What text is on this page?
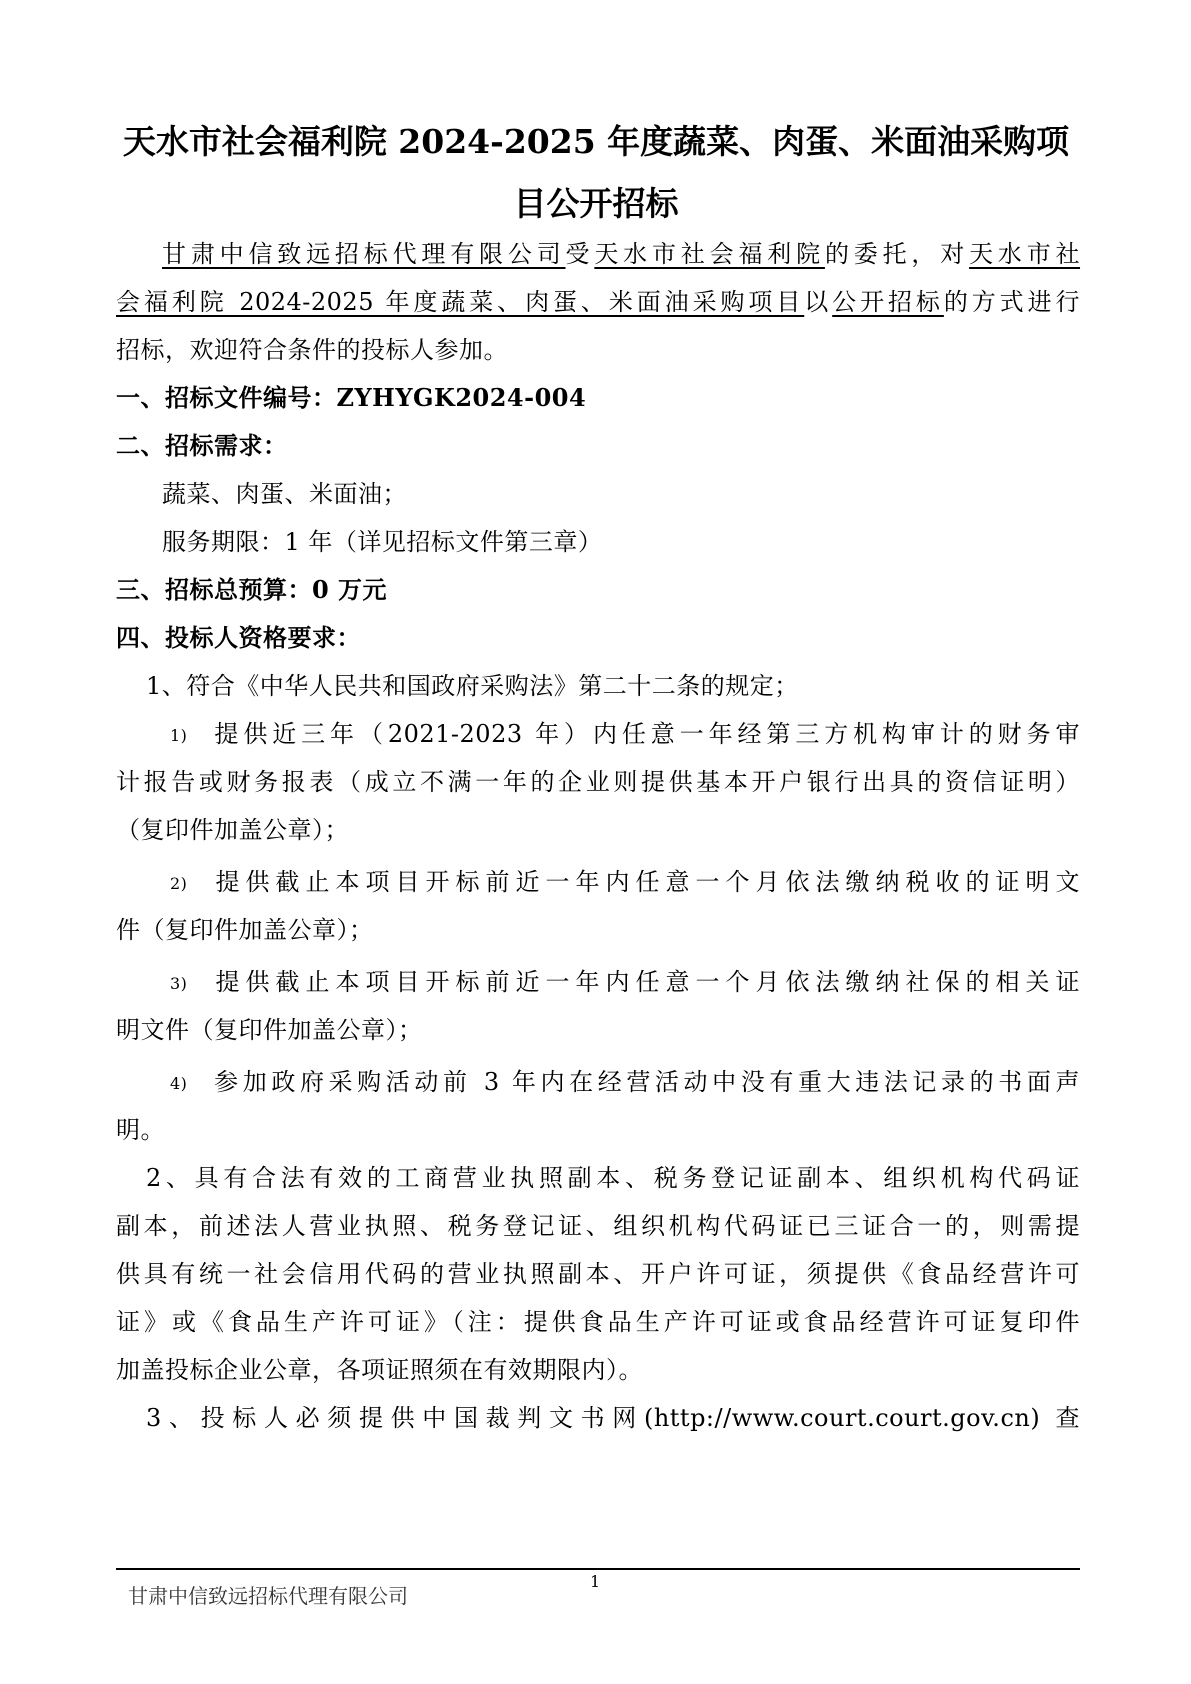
天水市社会福利院 2024-2025 年度蔬菜、肉蛋、米面油采购项
目公开招标
甘肃中信致远招标代理有限公司受天水市社会福利院的委托，对天水市社
会福利院 2024-2025 年度蔬菜、肉蛋、米面油采购项目以公开招标的方式进行
招标，欢迎符合条件的投标人参加。
一、招标文件编号：ZYHYGK2024-004
二、招标需求：
蔬菜、肉蛋、米面油；
服务期限：1 年（详见招标文件第三章）
三、招标总预算：0 万元
四、投标人资格要求：
1、符合《中华人民共和国政府采购法》第二十二条的规定；
1) 提供近三年（2021-2023 年）内任意一年经第三方机构审计的财务审
计报告或财务报表（成立不满一年的企业则提供基本开户银行出具的资信证明）
（复印件加盖公章）；
2) 提供截止本项目开标前近一年内任意一个月依法缴纳税收的证明文
件（复印件加盖公章）；
3) 提供截止本项目开标前近一年内任意一个月依法缴纳社保的相关证
明文件（复印件加盖公章）；
4) 参加政府采购活动前 3 年内在经营活动中没有重大违法记录的书面声
明。
2、具有合法有效的工商营业执照副本、税务登记证副本、组织机构代码证
副本，前述法人营业执照、税务登记证、组织机构代码证已三证合一的，则需提
供具有统一社会信用代码的营业执照副本、开户许可证，须提供《食品经营许可
证》或《食品生产许可证》（注：提供食品生产许可证或食品经营许可证复印件
加盖投标企业公章，各项证照须在有效期限内）。
3、投标人必须提供中国裁判文书网(http://www.court.court.gov.cn) 查
甘肃中信致远招标代理有限公司
1
